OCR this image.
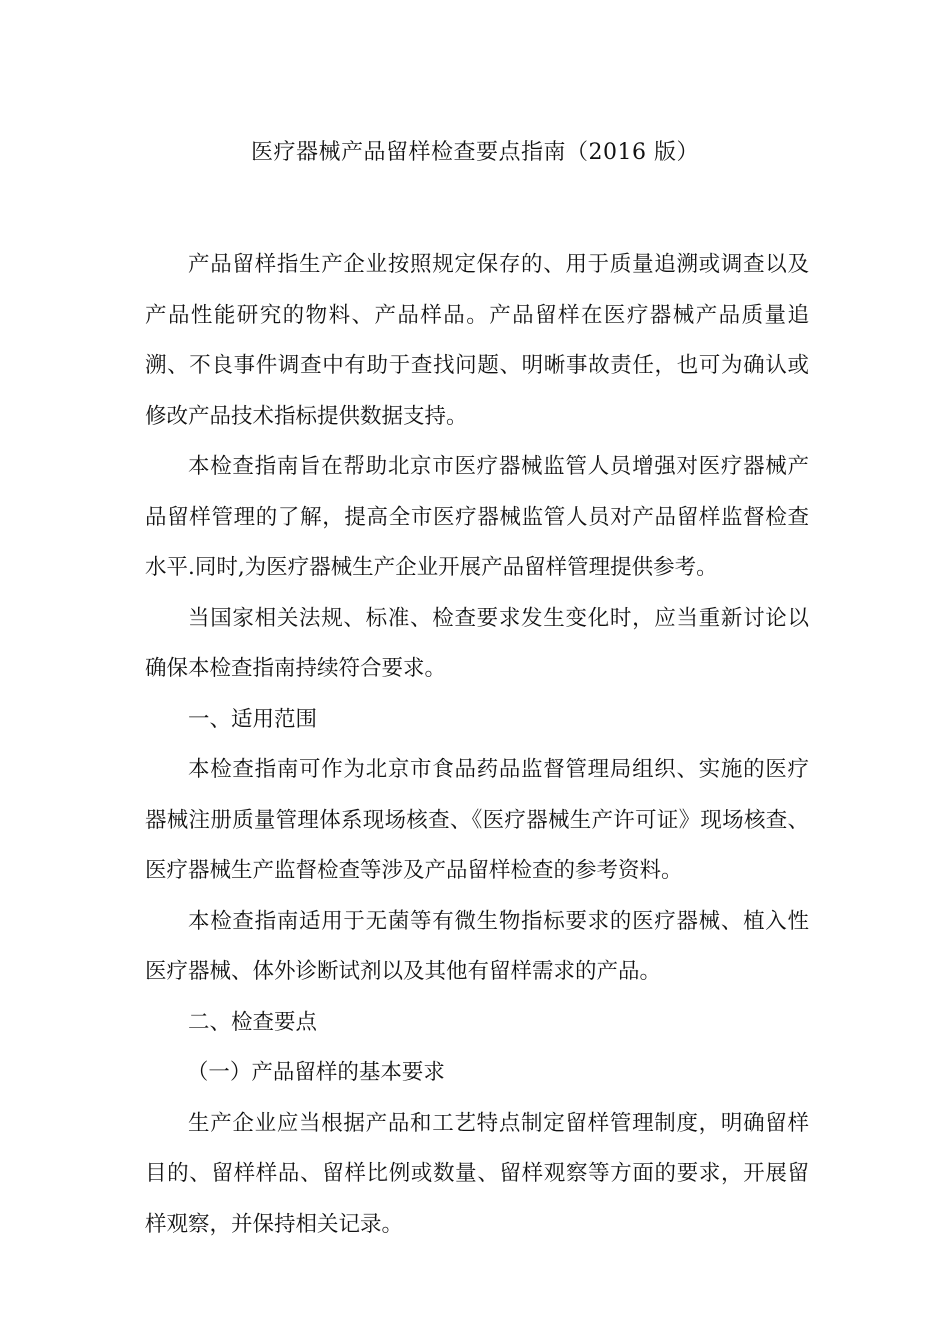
医疗器械产品留样检查要点指南（2016 版）

产品留样指生产企业按照规定保存的、用于质量追溯或调查以及产品性能研究的物料、产品样品。产品留样在医疗器械产品质量追溯、不良事件调查中有助于查找问题、明晰事故责任，也可为确认或修改产品技术指标提供数据支持。

本检查指南旨在帮助北京市医疗器械监管人员增强对医疗器械产品留样管理的了解，提高全市医疗器械监管人员对产品留样监督检查水平.同时,为医疗器械生产企业开展产品留样管理提供参考。

当国家相关法规、标准、检查要求发生变化时，应当重新讨论以确保本检查指南持续符合要求。

一、适用范围

本检查指南可作为北京市食品药品监督管理局组织、实施的医疗器械注册质量管理体系现场核查、《医疗器械生产许可证》现场核查、医疗器械生产监督检查等涉及产品留样检查的参考资料。

本检查指南适用于无菌等有微生物指标要求的医疗器械、植入性医疗器械、体外诊断试剂以及其他有留样需求的产品。

二、检查要点

（一）产品留样的基本要求

生产企业应当根据产品和工艺特点制定留样管理制度，明确留样目的、留样样品、留样比例或数量、留样观察等方面的要求，开展留样观察，并保持相关记录。
